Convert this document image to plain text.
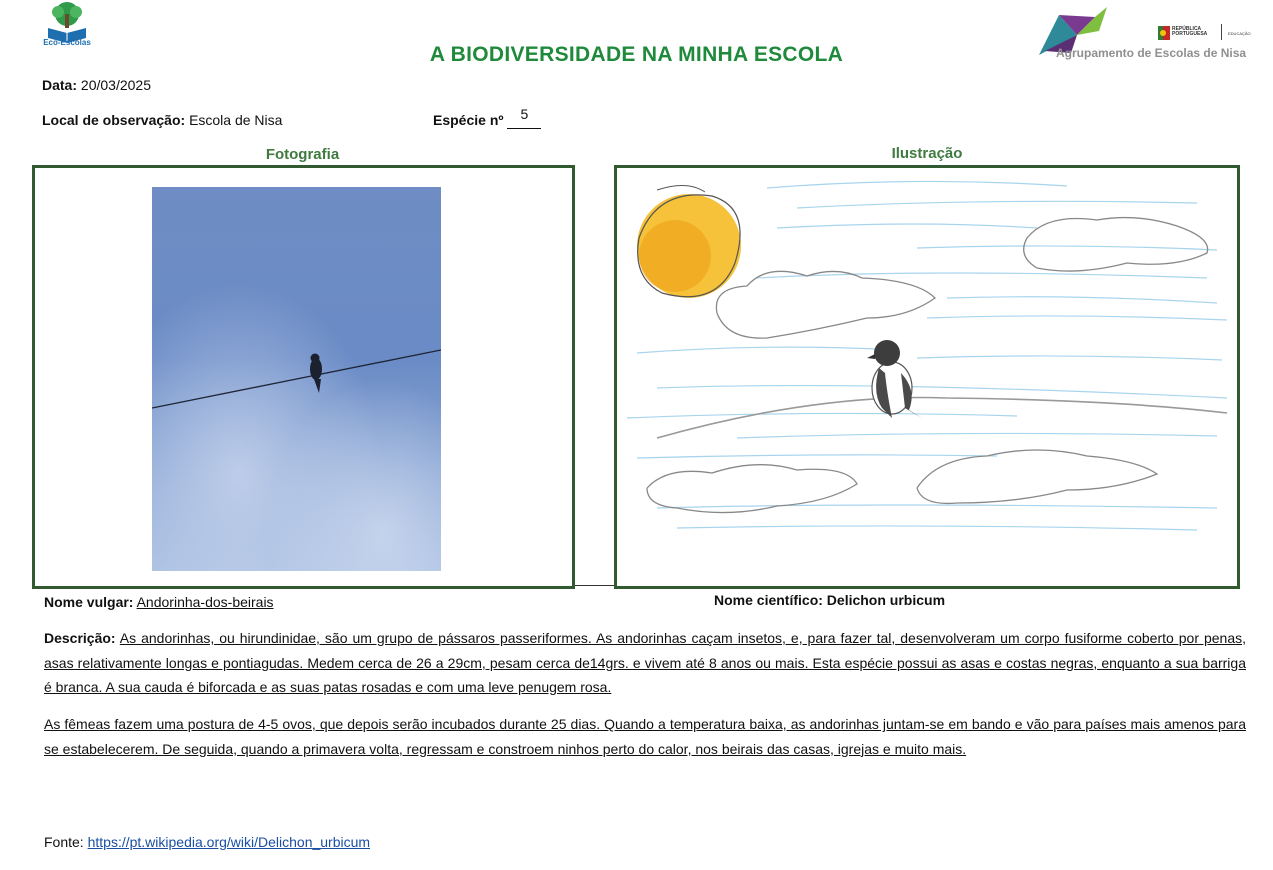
Eco-Escolas
A BIODIVERSIDADE NA MINHA ESCOLA
REPÚBLICA
PORTUGUESA	EDUCAÇÃO
Agrupamento de Escolas de Nisa
Data: 20/03/2025
Local de observação: Escola de Nisa	Espécie nº 5
Fotografia	Ilustração
Nome vulgar: Andorinha-dos-beirais	Nome científico: Delichon urbicum
Descrição: As andorinhas, ou hirundinidae, são um grupo de pássaros passeriformes. As andorinhas caçam insetos, e, para fazer tal, desenvolveram um corpo fusiforme coberto por penas, asas relativamente longas e pontiagudas. Medem cerca de 26 a 29cm, pesam cerca de14grs. e vivem até 8 anos ou mais. Esta espécie possui as asas e costas negras, enquanto a sua barriga é branca. A sua cauda é biforcada e as suas patas rosadas e com uma leve penugem rosa.
As fêmeas fazem uma postura de 4-5 ovos, que depois serão incubados durante 25 dias. Quando a temperatura baixa, as andorinhas juntam-se em bando e vão para países mais amenos para se estabelecerem. De seguida, quando a primavera volta, regressam e constroem ninhos perto do calor, nos beirais das casas, igrejas e muito mais.
Fonte: https://pt.wikipedia.org/wiki/Delichon_urbicum
